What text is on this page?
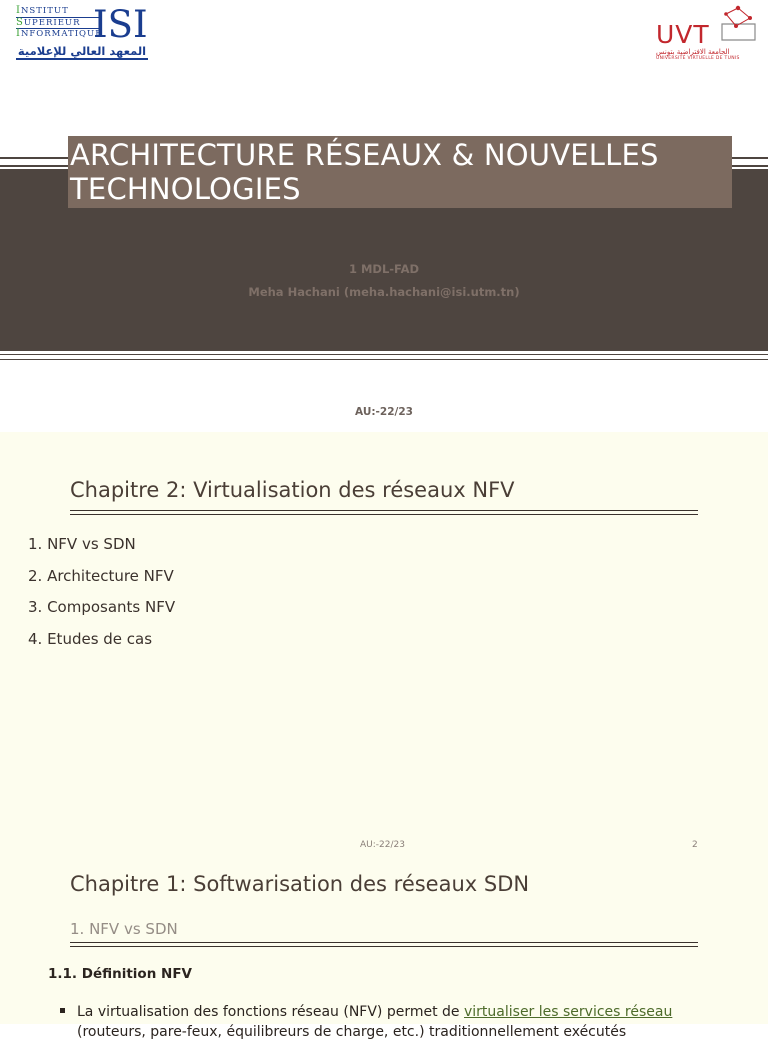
INSTITUT
SUPERIEUR
INFORMATIQUE
ISI
المعهد العالي للإعلامية
UVT
الجامعة الافتراضية بتونس
UNIVERSITÉ VIRTUELLE DE TUNIS
ARCHITECTURE RÉSEAUX & NOUVELLES TECHNOLOGIES
1 MDL-FAD
Meha Hachani (meha.hachani@isi.utm.tn)
AU:-22/23
Chapitre 2: Virtualisation des réseaux NFV
1. NFV vs SDN
2. Architecture NFV
3. Composants NFV
4. Etudes de cas
AU:-22/23	2
Chapitre 1: Softwarisation des réseaux SDN
1. NFV vs SDN
1.1. Définition NFV
La virtualisation des fonctions réseau (NFV) permet de virtualiser les services réseau
(routeurs, pare-feux, équilibreurs de charge, etc.) traditionnellement exécutés
